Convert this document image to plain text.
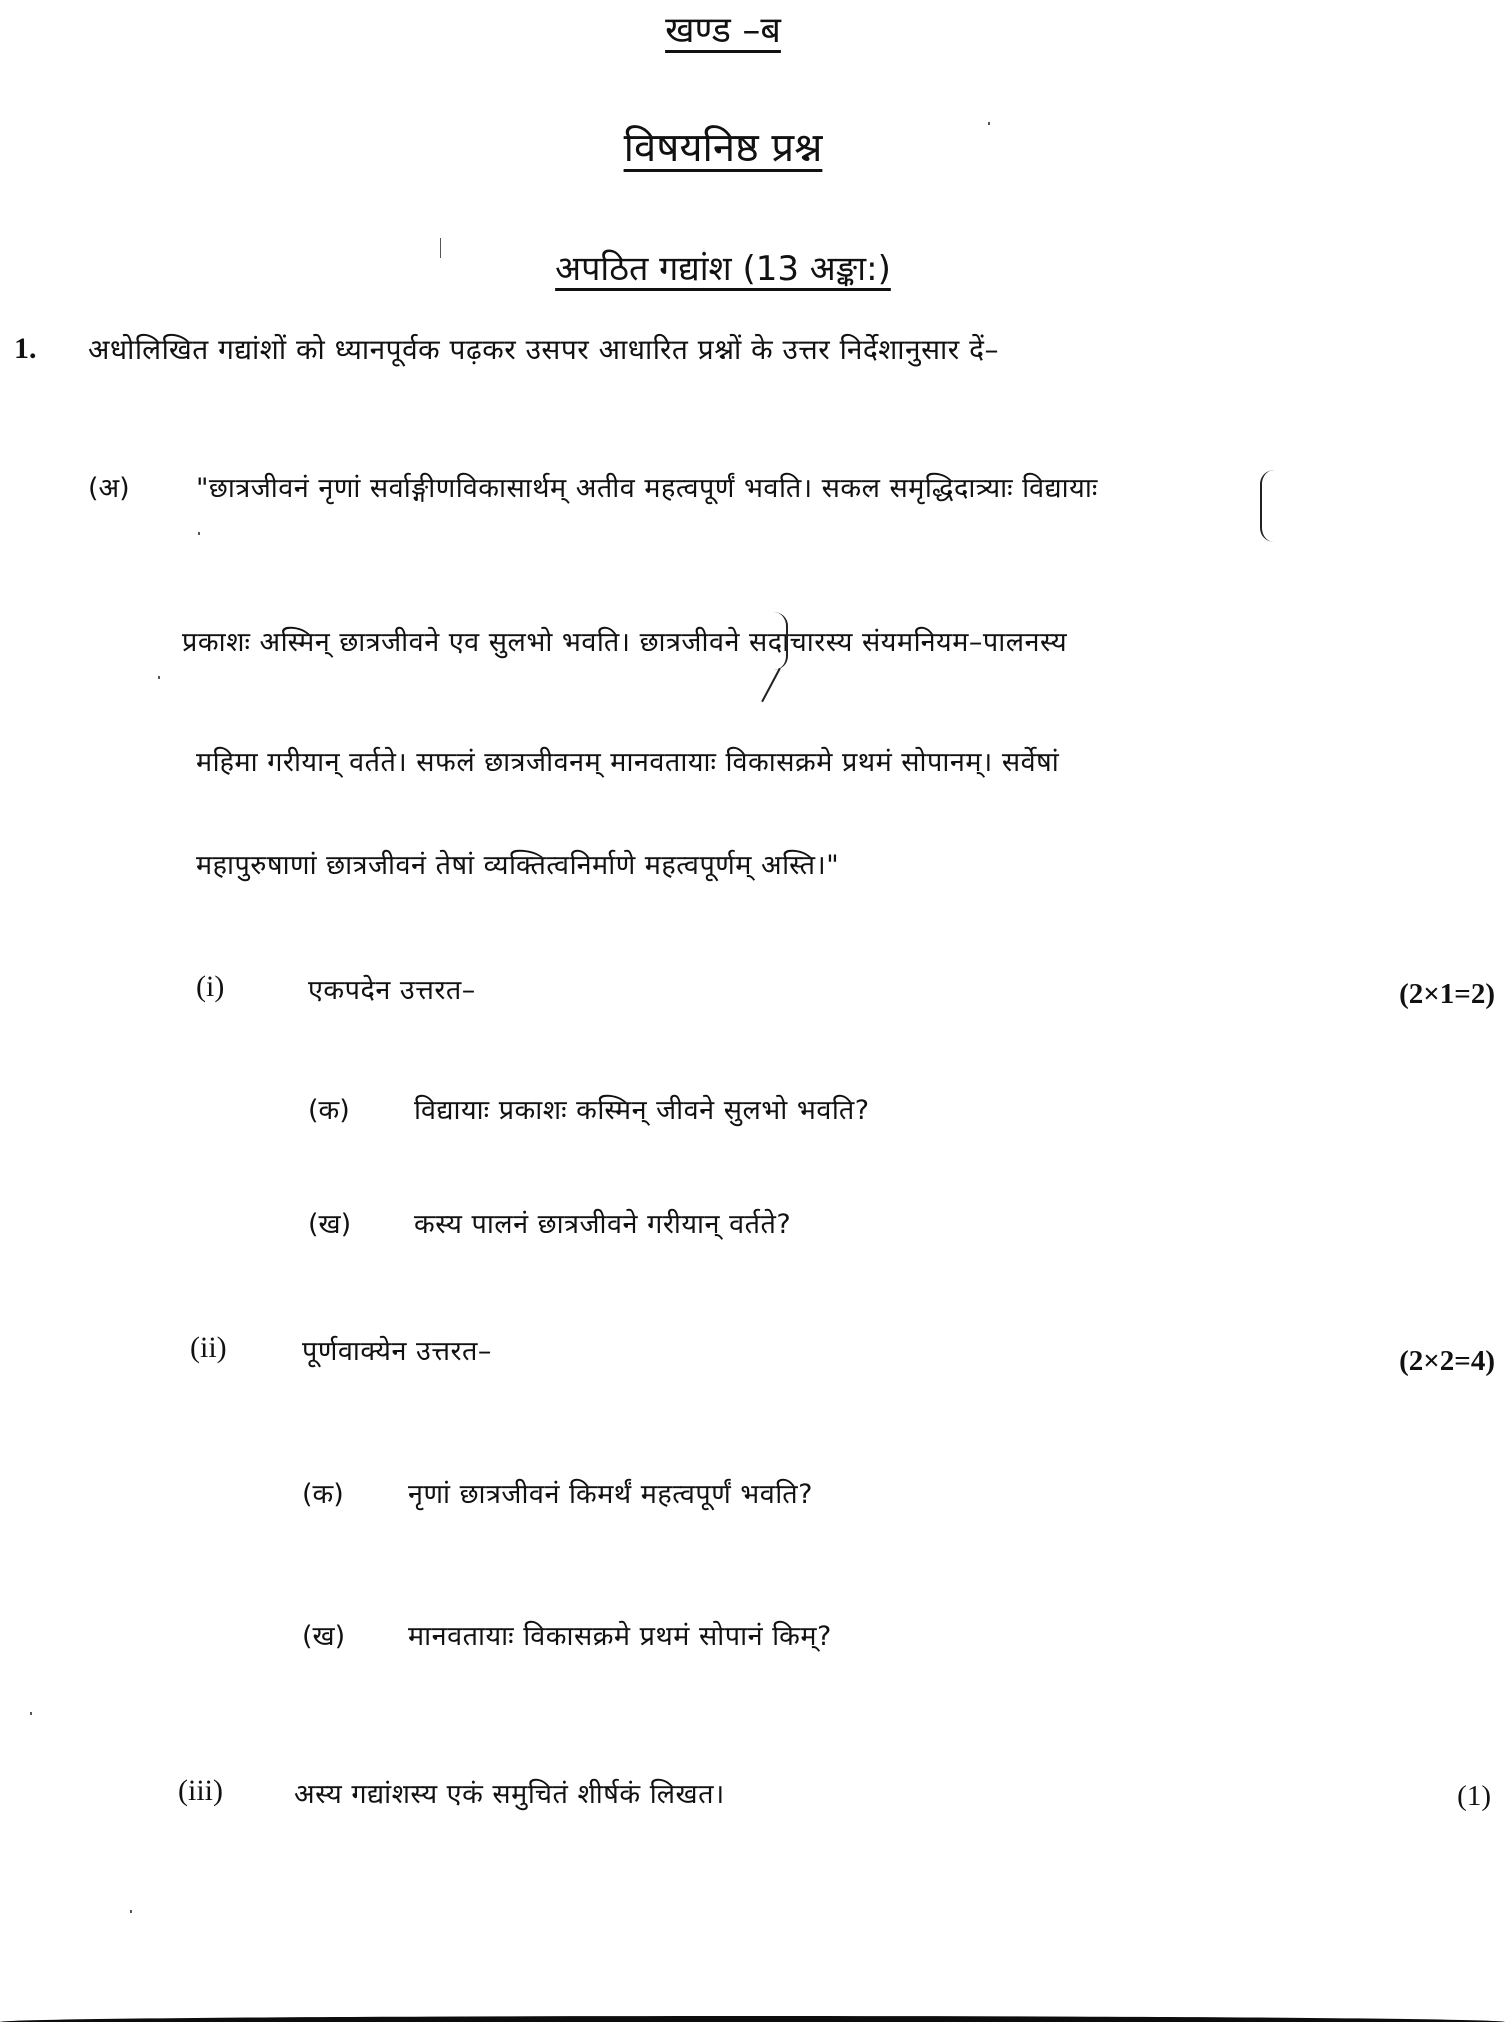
खण्ड –ब
विषयनिष्ठ प्रश्न
अपठित गद्यांश (13 अङ्का:)
1. अधोलिखित गद्यांशों को ध्यानपूर्वक पढ़कर उसपर आधारित प्रश्नों के उत्तर निर्देशानुसार दें–
(अ) "छात्रजीवनं नृणां सर्वाङ्गीणविकासार्थम् अतीव महत्वपूर्णं भवति। सकल समृद्धिदात्र्याः विद्यायाः
प्रकाशः अस्मिन् छात्रजीवने एव सुलभो भवति। छात्रजीवने सदाचारस्य संयमनियम–पालनस्य
महिमा गरीयान् वर्तते। सफलं छात्रजीवनम् मानवतायाः विकासक्रमे प्रथमं सोपानम्। सर्वेषां
महापुरुषाणां छात्रजीवनं तेषां व्यक्तित्वनिर्माणे महत्वपूर्णम् अस्ति।"
(i)	एकपदेन उत्तरत–	(2×1=2)
(क) विद्यायाः प्रकाशः कस्मिन् जीवने सुलभो भवति?
(ख) कस्य पालनं छात्रजीवने गरीयान् वर्तते?
(ii)	पूर्णवाक्येन उत्तरत–	(2×2=4)
(क) नृणां छात्रजीवनं किमर्थं महत्वपूर्णं भवति?
(ख) मानवतायाः विकासक्रमे प्रथमं सोपानं किम्?
(iii)	अस्य गद्यांशस्य एकं समुचितं शीर्षकं लिखत।	(1)
